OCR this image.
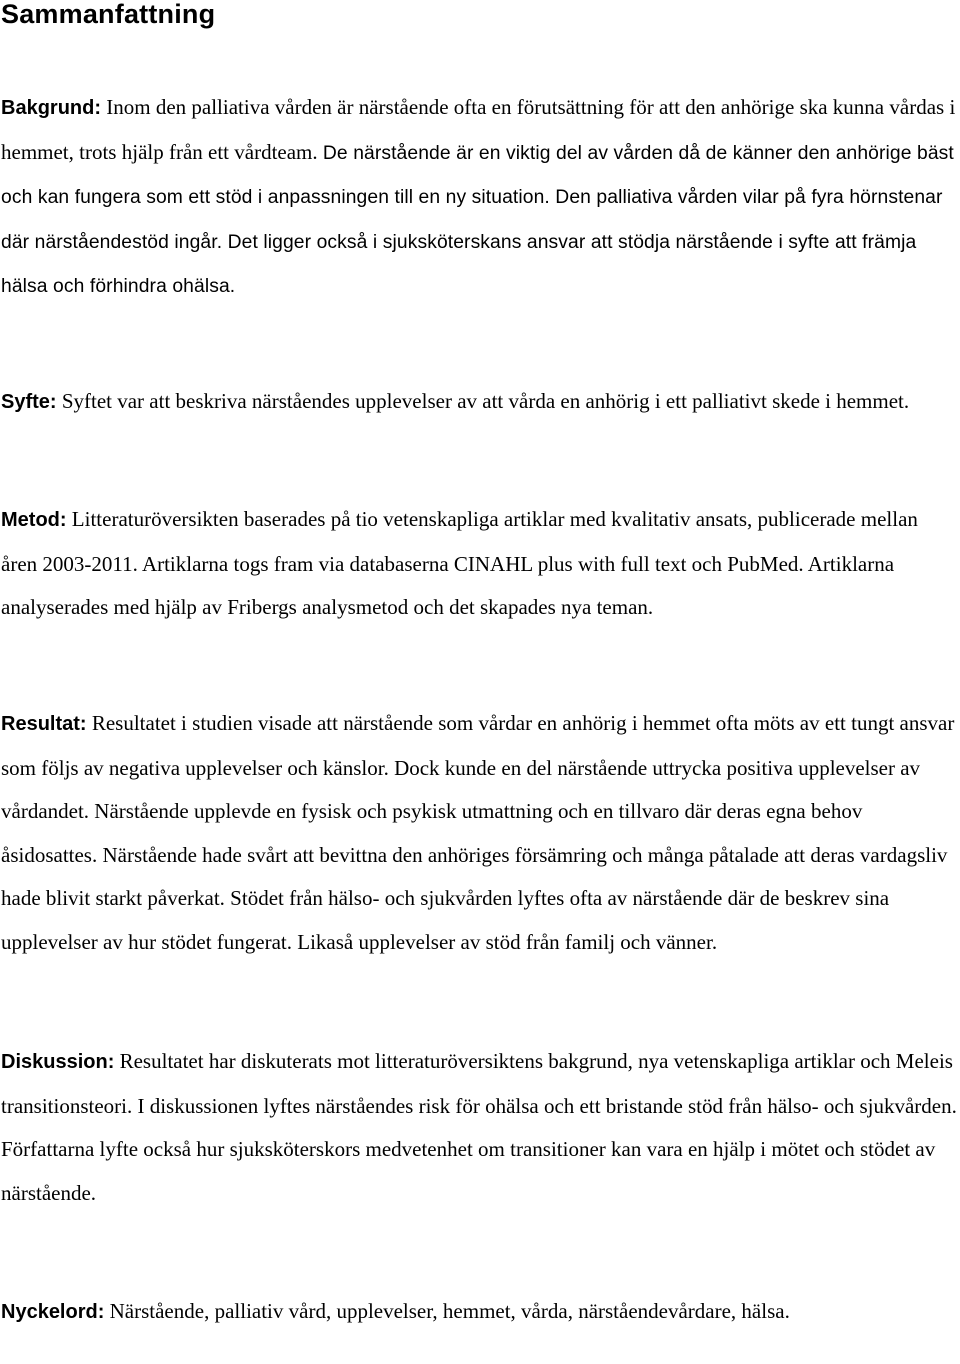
Sammanfattning

Bakgrund: Inom den palliativa vården är närstående ofta en förutsättning för att den anhörige ska kunna vårdas i hemmet, trots hjälp från ett vårdteam. De närstående är en viktig del av vården då de känner den anhörige bäst och kan fungera som ett stöd i anpassningen till en ny situation. Den palliativa vården vilar på fyra hörnstenar där närståendestöd ingår. Det ligger också i sjuksköterskans ansvar att stödja närstående i syfte att främja hälsa och förhindra ohälsa.

Syfte: Syftet var att beskriva närståendes upplevelser av att vårda en anhörig i ett palliativt skede i hemmet.

Metod: Litteraturöversikten baserades på tio vetenskapliga artiklar med kvalitativ ansats, publicerade mellan åren 2003-2011. Artiklarna togs fram via databaserna CINAHL plus with full text och PubMed. Artiklarna analyserades med hjälp av Fribergs analysmetod och det skapades nya teman.

Resultat: Resultatet i studien visade att närstående som vårdar en anhörig i hemmet ofta möts av ett tungt ansvar som följs av negativa upplevelser och känslor. Dock kunde en del närstående uttrycka positiva upplevelser av vårdandet. Närstående upplevde en fysisk och psykisk utmattning och en tillvaro där deras egna behov åsidosattes. Närstående hade svårt att bevittna den anhöriges försämring och många påtalade att deras vardagsliv hade blivit starkt påverkat. Stödet från hälso- och sjukvården lyftes ofta av närstående där de beskrev sina upplevelser av hur stödet fungerat. Likaså upplevelser av stöd från familj och vänner.

Diskussion: Resultatet har diskuterats mot litteraturöversiktens bakgrund, nya vetenskapliga artiklar och Meleis transitionsteori. I diskussionen lyftes närståendes risk för ohälsa och ett bristande stöd från hälso- och sjukvården. Författarna lyfte också hur sjuksköterskors medvetenhet om transitioner kan vara en hjälp i mötet och stödet av närstående.

Nyckelord: Närstående, palliativ vård, upplevelser, hemmet, vårda, närståendevårdare, hälsa.
